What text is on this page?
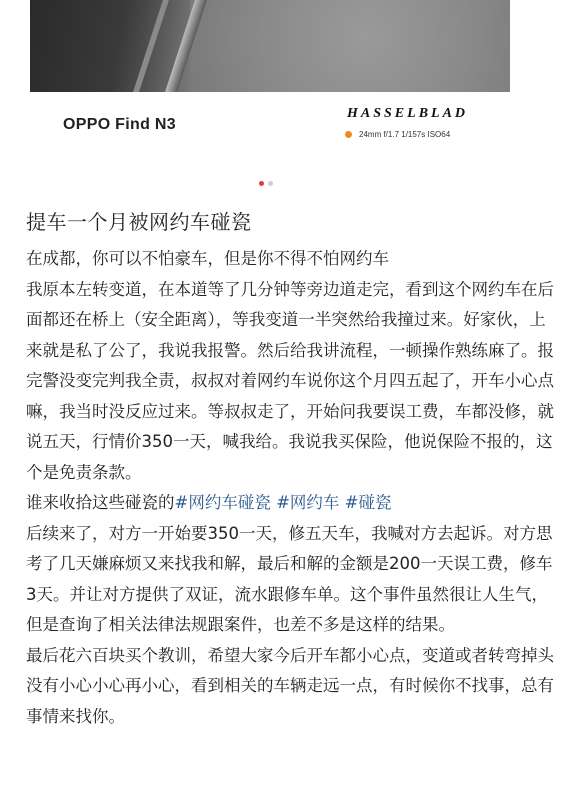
OPPO Find N3
HASSELBLAD
24mm f/1.7 1/157s ISO64
提车一个月被网约车碰瓷

在成都，你可以不怕豪车，但是你不得不怕网约车

我原本左转变道，在本道等了几分钟等旁边道走完，看到这个网约车在后面都还在桥上（安全距离），等我变道一半突然给我撞过来。好家伙，上来就是私了公了，我说我报警。然后给我讲流程，一顿操作熟练麻了。报完警没变完判我全责，叔叔对着网约车说你这个月四五起了，开车小心点嘛，我当时没反应过来。等叔叔走了，开始问我要误工费，车都没修，就说五天，行情价350一天，喊我给。我说我买保险，他说保险不报的，这个是免责条款。

谁来收拾这些碰瓷的#网约车碰瓷 #网约车 #碰瓷

后续来了，对方一开始要350一天，修五天车，我喊对方去起诉。对方思考了几天嫌麻烦又来找我和解，最后和解的金额是200一天误工费，修车3天。并让对方提供了双证，流水跟修车单。这个事件虽然很让人生气，但是查询了相关法律法规跟案件，也差不多是这样的结果。

最后花六百块买个教训，希望大家今后开车都小心点，变道或者转弯掉头没有小心小心再小心，看到相关的车辆走远一点，有时候你不找事，总有事情来找你。
